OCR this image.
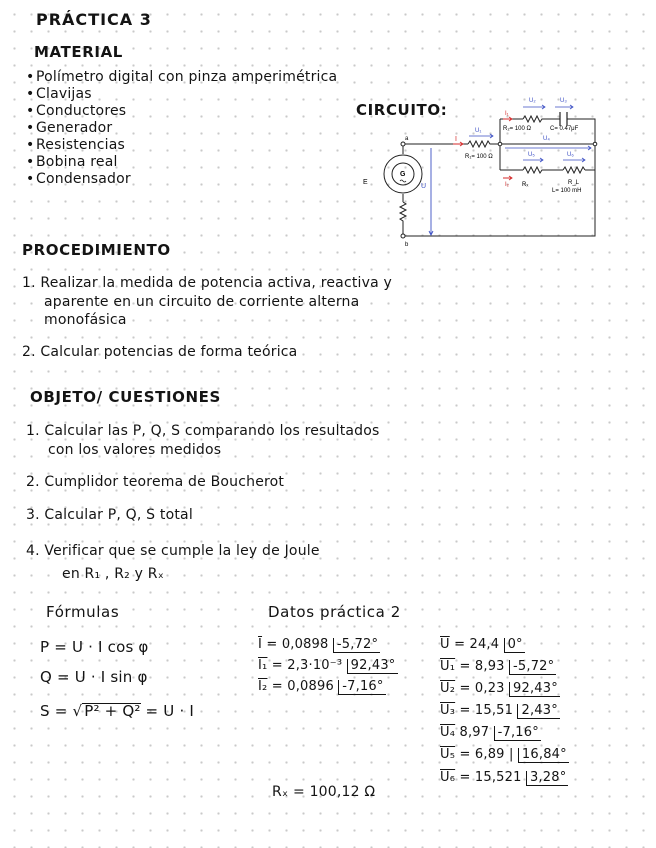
PRÁCTICA 3
MATERIAL
• Polímetro digital con pinza amperimétrica
• Clavijas
• Conductores
• Generador
• Resistencias
• Bobina real
• Condensador
CIRCUITO:
a
b
G
E
U
I
R₁= 100 Ω
U₁
I₁
R₂= 100 Ω	C= 0.47μF
U₂	U₃
U₄
I₂ Rₓ	R_L
L= 100 mH
U₅	U₆
PROCEDIMIENTO
1. Realizar la medida de potencia activa, reactiva y
aparente en un circuito de corriente alterna
monofásica
2. Calcular potencias de forma teórica
OBJETO/ CUESTIONES
1. Calcular las P, Q, S comparando los resultados
con los valores medidos
2. Cumplidor teorema de Boucherot
3. Calcular P, Q, S total
4. Verificar que se cumple la ley de Joule
en R₁ , R₂ y Rₓ
Fórmulas
P = U · I cos φ
Q = U · I sin φ
S = √ P² + Q² = U · I
Datos práctica 2
$\overline{I} = 0,0898$ -5,72°
I₁ = 2,3·10⁻³ 92,43°
I₂ = 0,0896 -7,16°
$\overline{U} = 24,4$ 0°
U₁ = 8,93 -5,72°
U₂ = 0,23 92,43°
U₃ = 15,51 2,43°
U₄ 8,97 -7,16°
U₅ = 6,89 | 16,84°
U₆ = 15,521 3,28°
Rₓ = 100,12 Ω
